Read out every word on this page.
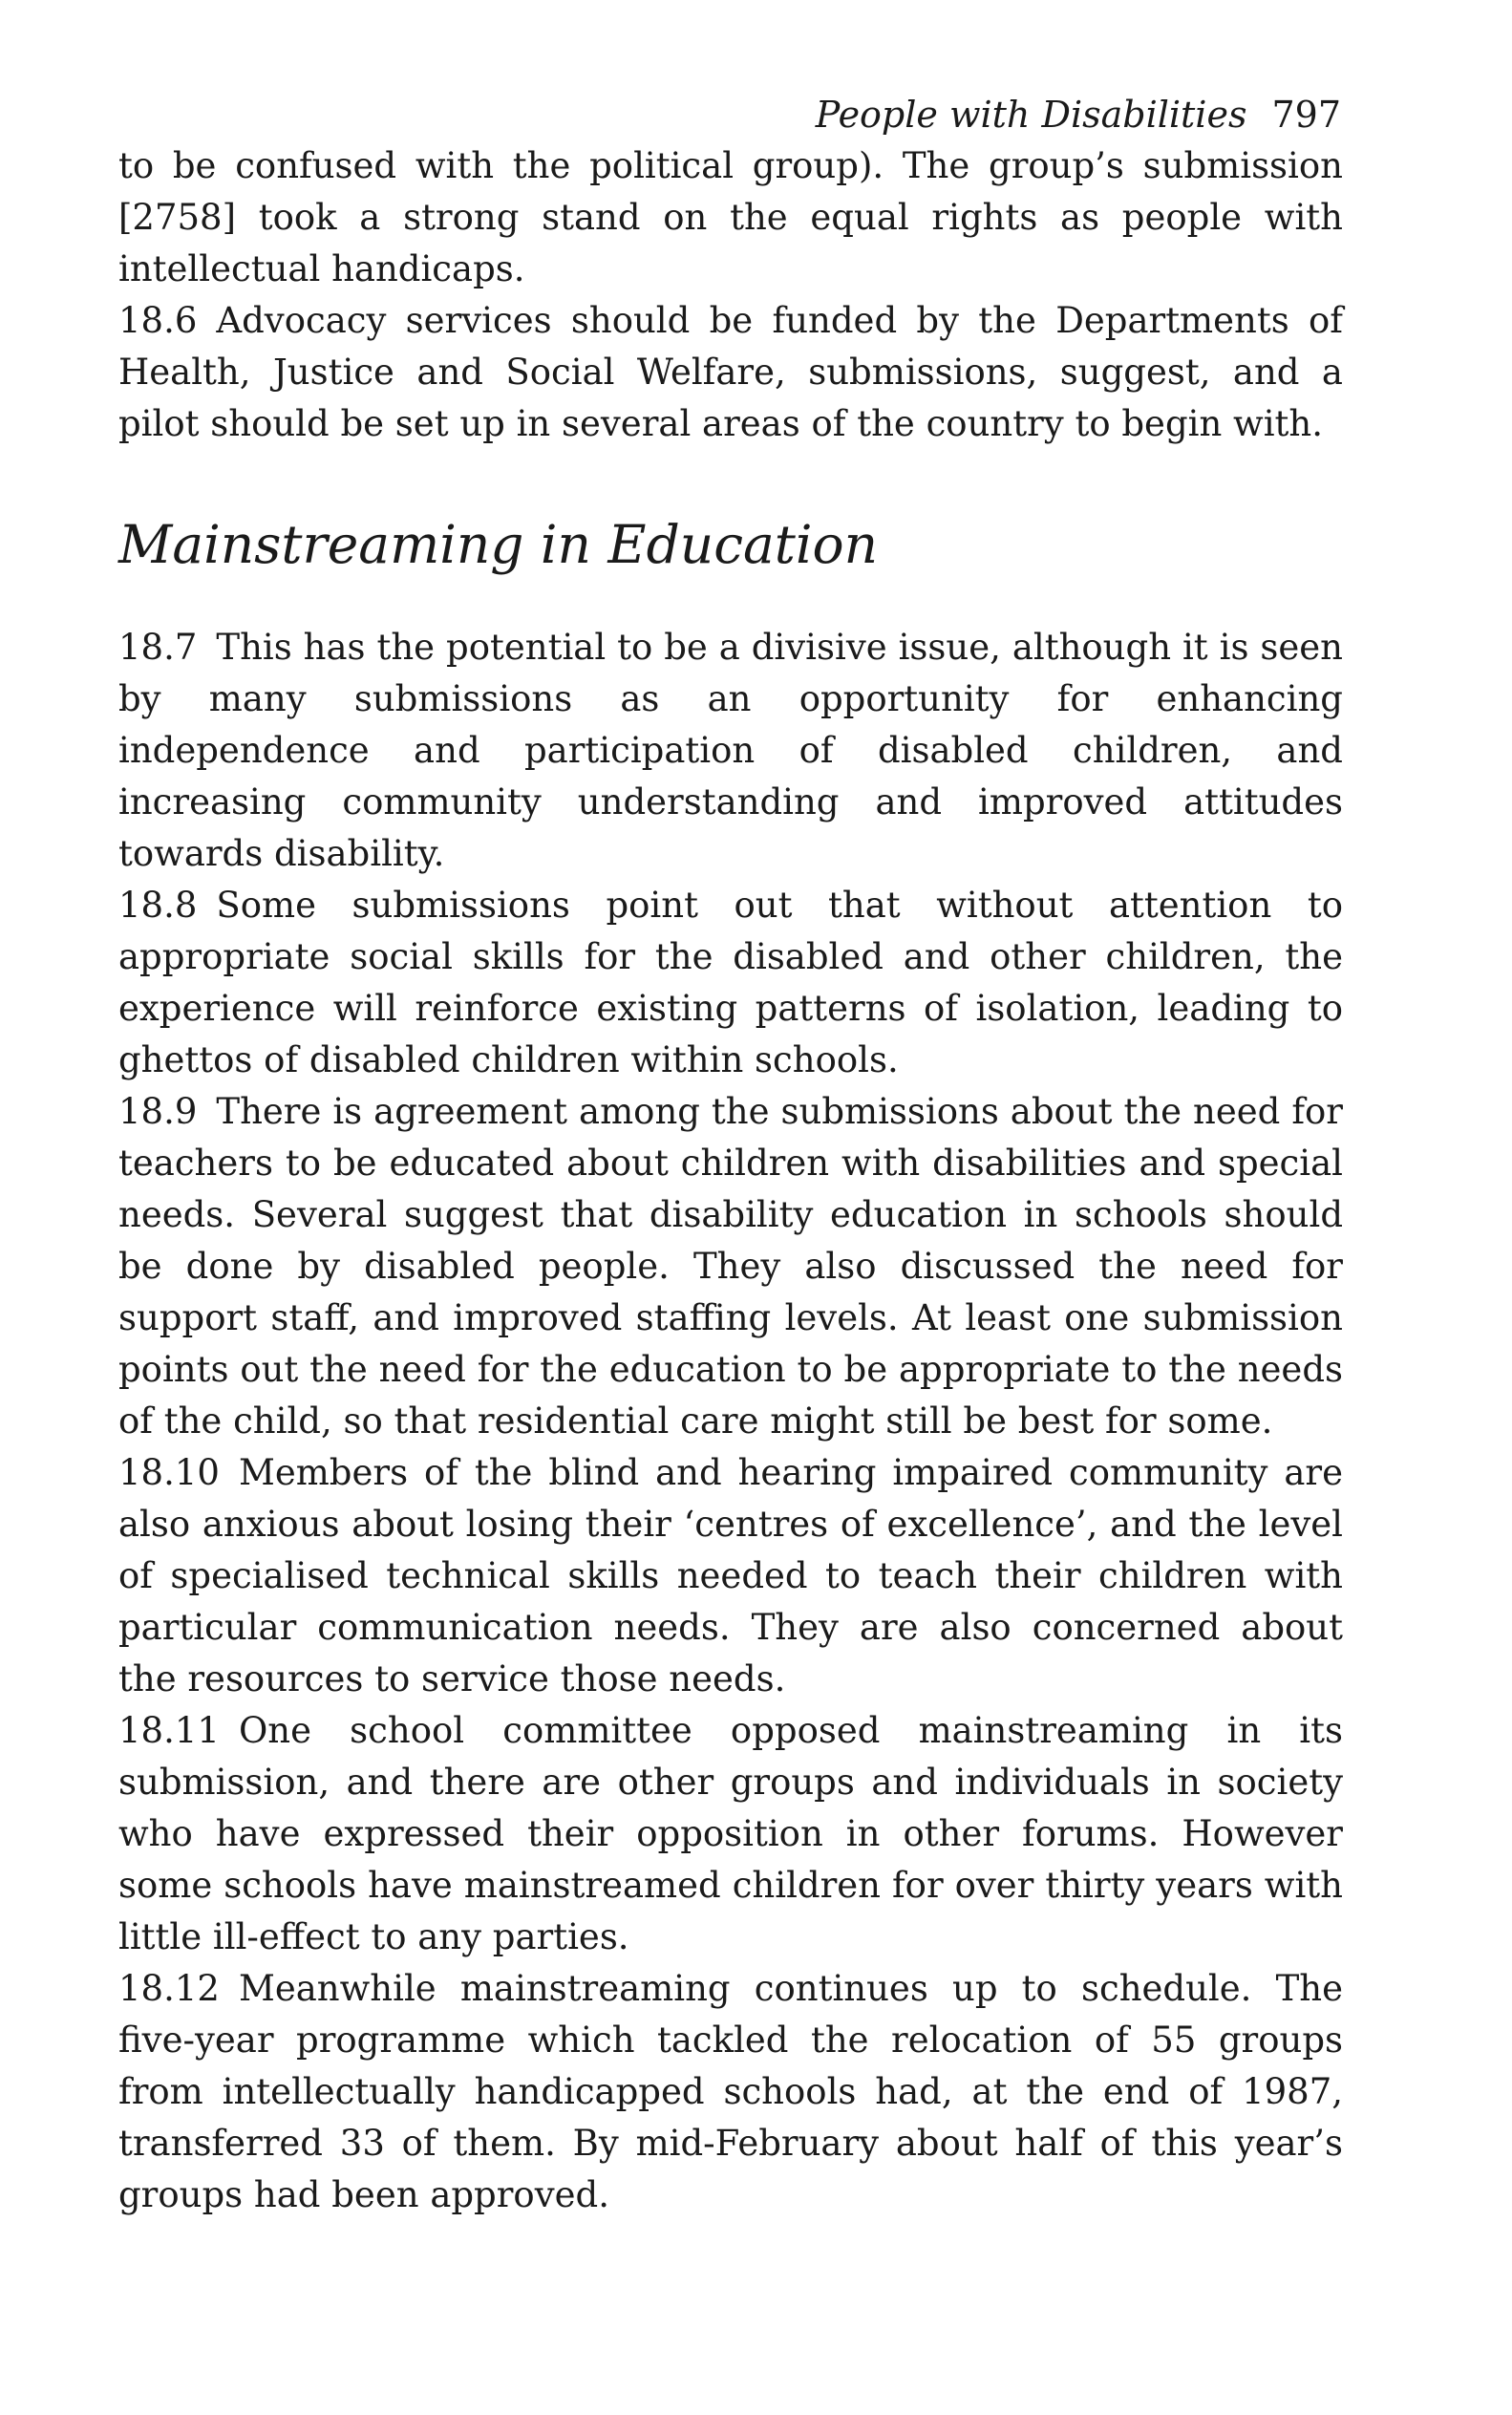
People with Disabilities 797

to be confused with the political group). The group’s submission [2758] took a strong stand on the equal rights as people with intellectual handicaps.

18.6 Advocacy services should be funded by the Departments of Health, Justice and Social Welfare, submissions, suggest, and a pilot should be set up in several areas of the country to begin with.

Mainstreaming in Education

18.7 This has the potential to be a divisive issue, although it is seen by many submissions as an opportunity for enhancing independence and participation of disabled children, and increasing community understanding and improved attitudes towards disability.

18.8 Some submissions point out that without attention to appropriate social skills for the disabled and other children, the experience will reinforce existing patterns of isolation, leading to ghettos of disabled children within schools.

18.9 There is agreement among the submissions about the need for teachers to be educated about children with disabilities and special needs. Several suggest that disability education in schools should be done by disabled people. They also discussed the need for support staff, and improved staffing levels. At least one submission points out the need for the education to be appropriate to the needs of the child, so that residential care might still be best for some.

18.10 Members of the blind and hearing impaired community are also anxious about losing their ‘centres of excellence’, and the level of specialised technical skills needed to teach their children with particular communication needs. They are also concerned about the resources to service those needs.

18.11 One school committee opposed mainstreaming in its submission, and there are other groups and individuals in society who have expressed their opposition in other forums. However some schools have mainstreamed children for over thirty years with little ill-effect to any parties.

18.12 Meanwhile mainstreaming continues up to schedule. The five-year programme which tackled the relocation of 55 groups from intellectually handicapped schools had, at the end of 1987, transferred 33 of them. By mid-February about half of this year’s groups had been approved.
